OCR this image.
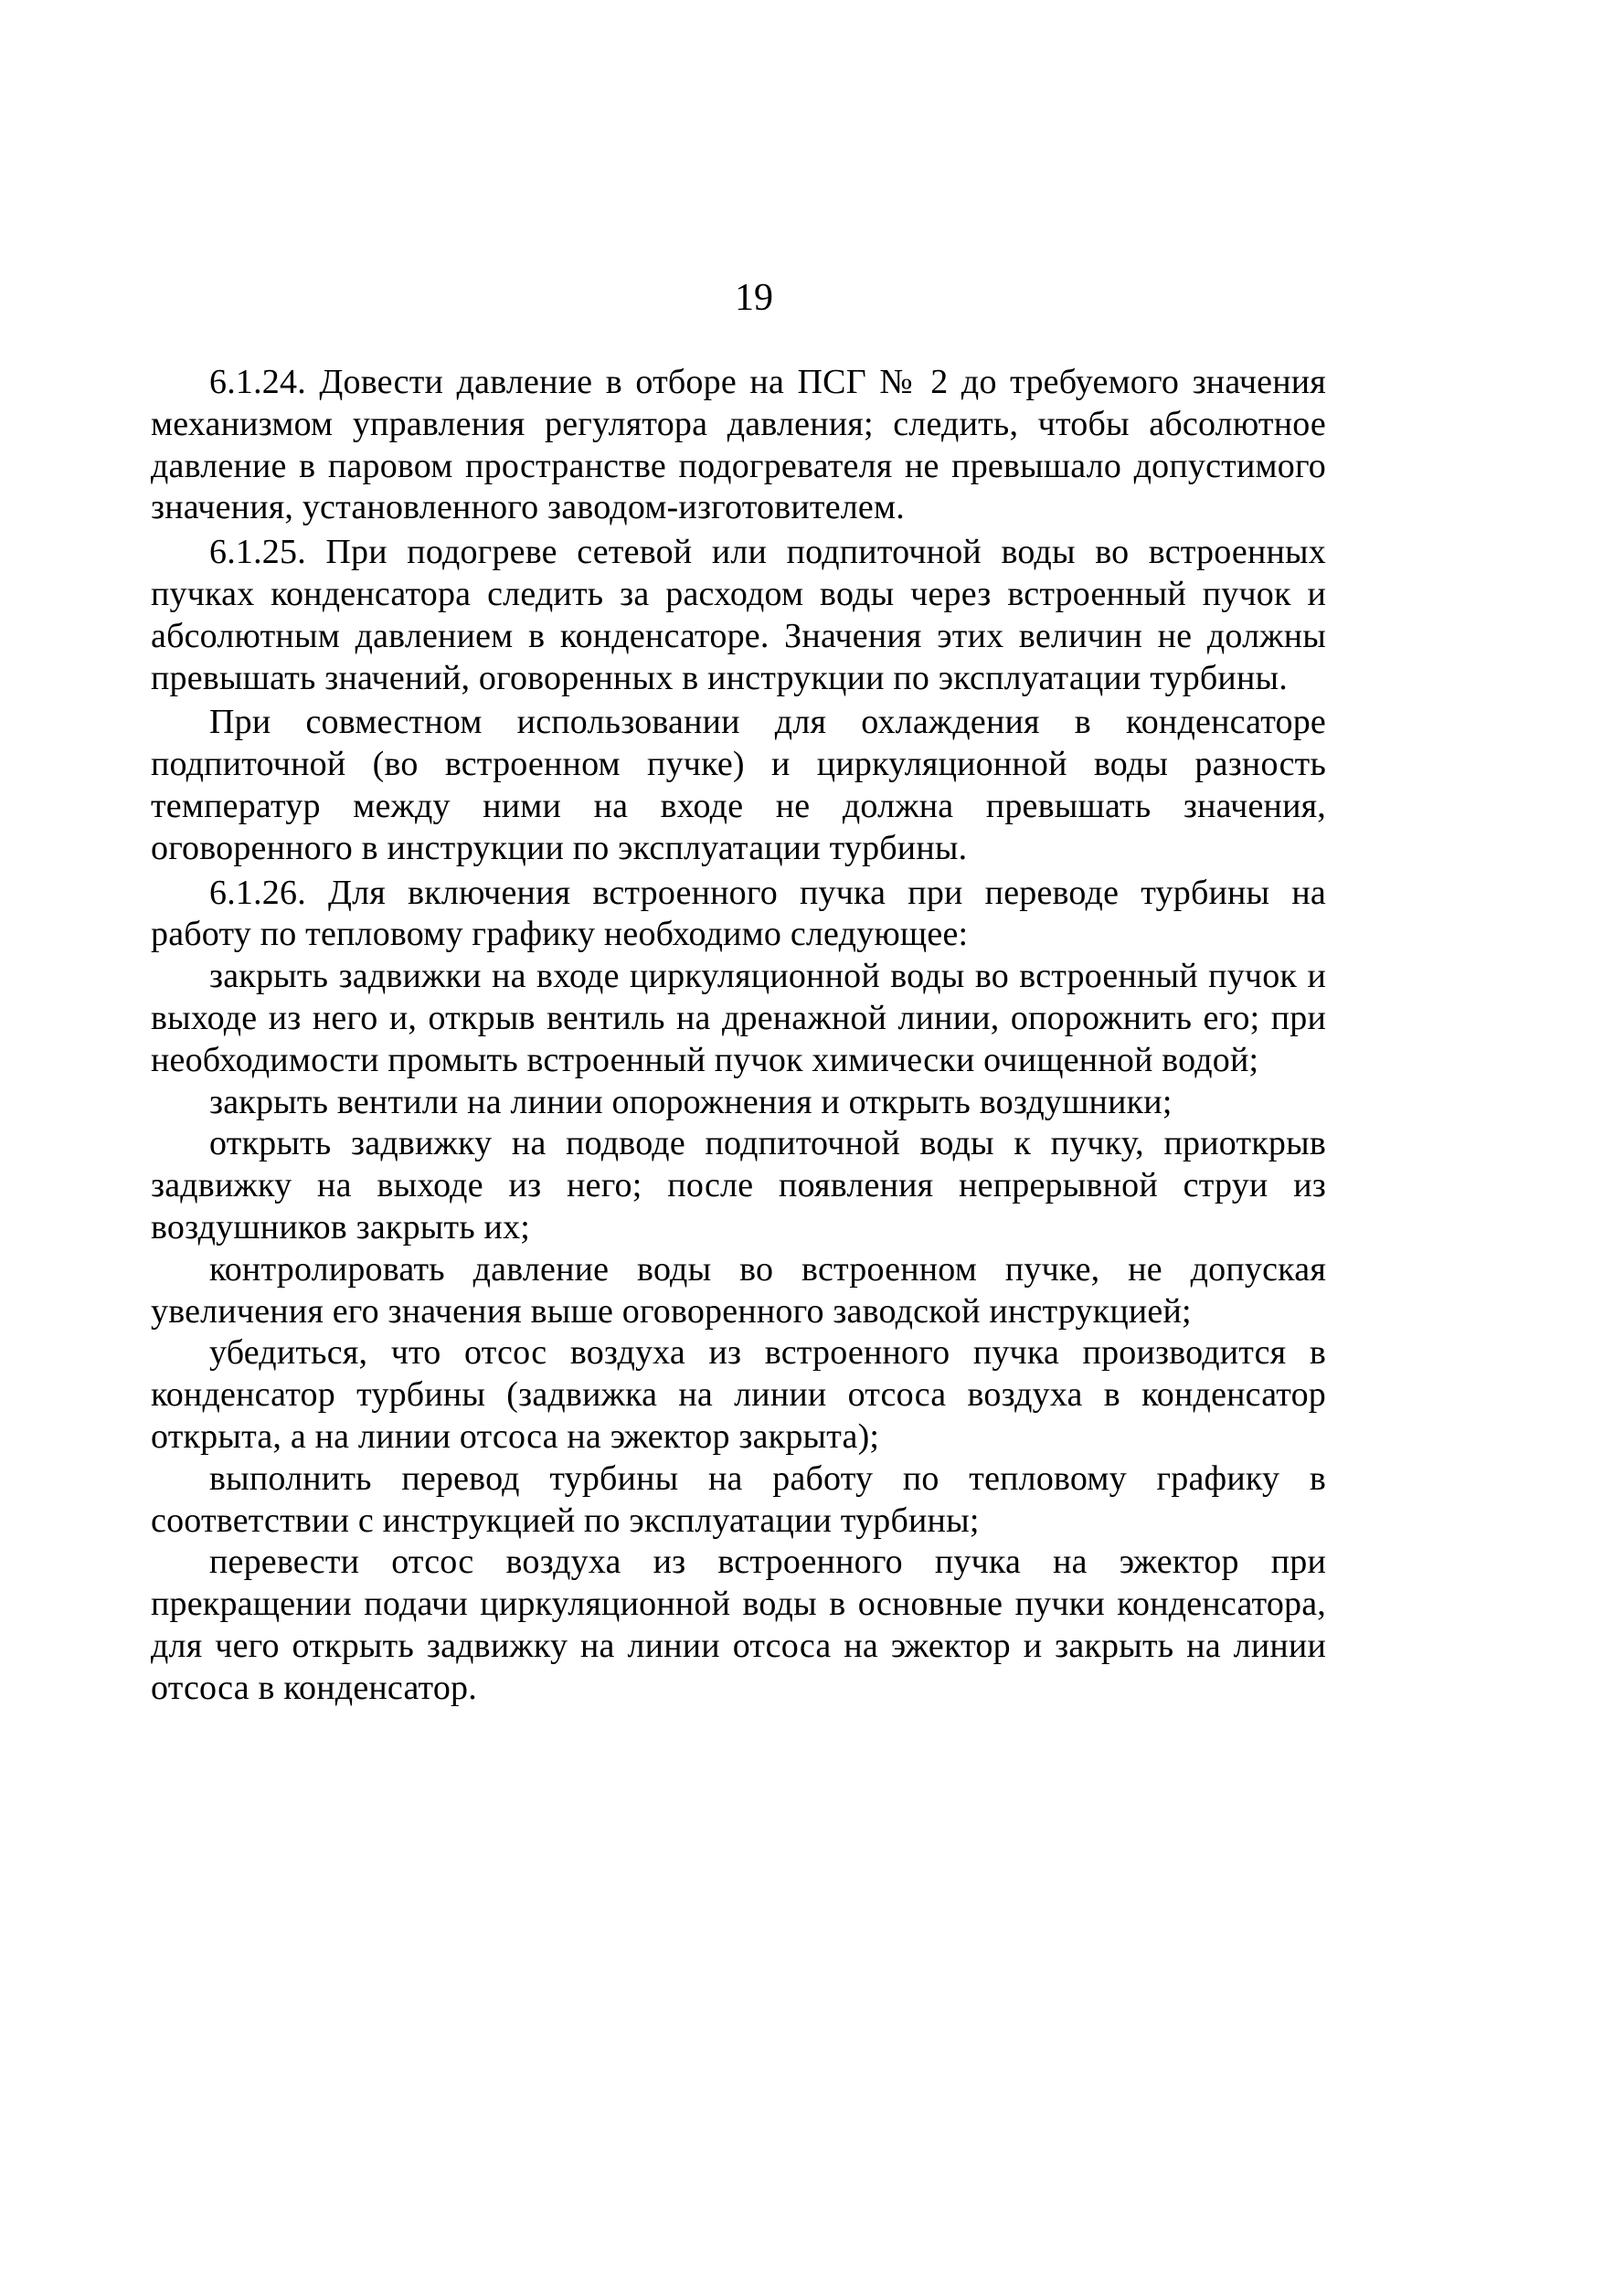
19

6.1.24. Довести давление в отборе на ПСГ № 2 до требуемого значения механизмом управления регулятора давления; следить, чтобы абсолютное давление в паровом пространстве подогревателя не превышало допустимого значения, установленного заводом-изготовителем.

6.1.25. При подогреве сетевой или подпиточной воды во встроенных пучках конденсатора следить за расходом воды через встроенный пучок и абсолютным давлением в конденсаторе. Значения этих величин не должны превышать значений, оговоренных в инструкции по эксплуатации турбины.

При совместном использовании для охлаждения в конденсаторе подпиточной (во встроенном пучке) и циркуляционной воды разность температур между ними на входе не должна превышать значения, оговоренного в инструкции по эксплуатации турбины.

6.1.26. Для включения встроенного пучка при переводе турбины на работу по тепловому графику необходимо следующее:

закрыть задвижки на входе циркуляционной воды во встроенный пучок и выходе из него и, открыв вентиль на дренажной линии, опорожнить его; при необходимости промыть встроенный пучок химически очищенной водой;

закрыть вентили на линии опорожнения и открыть воздушники;

открыть задвижку на подводе подпиточной воды к пучку, приоткрыв задвижку на выходе из него; после появления непрерывной струи из воздушников закрыть их;

контролировать давление воды во встроенном пучке, не допуская увеличения его значения выше оговоренного заводской инструкцией;

убедиться, что отсос воздуха из встроенного пучка производится в конденсатор турбины (задвижка на линии отсоса воздуха в конденсатор открыта, а на линии отсоса на эжектор закрыта);

выполнить перевод турбины на работу по тепловому графику в соответствии с инструкцией по эксплуатации турбины;

перевести отсос воздуха из встроенного пучка на эжектор при прекращении подачи циркуляционной воды в основные пучки конденсатора, для чего открыть задвижку на линии отсоса на эжектор и закрыть на линии отсоса в конденсатор.
